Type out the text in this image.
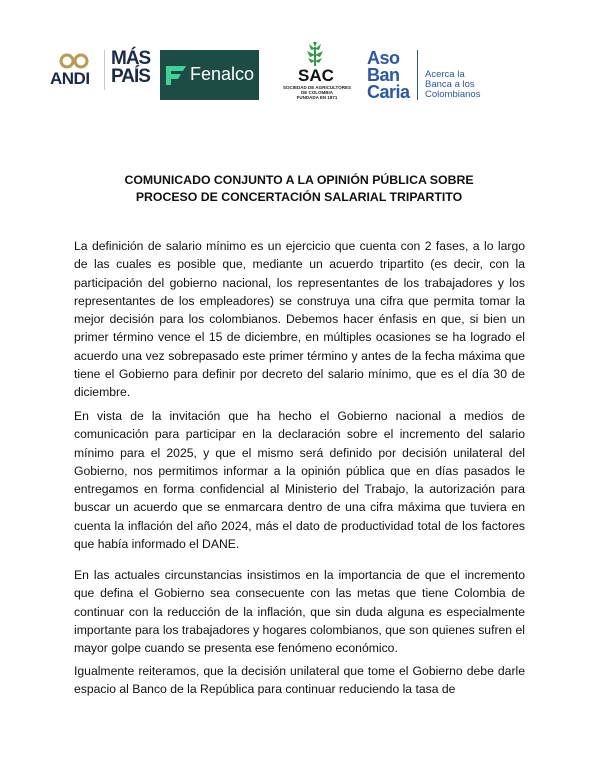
ANDI
MÁS
PAÍS	Fenalco	SAC
SOCIEDAD DE AGRICULTORES
DE COLOMBIA
FUNDADA EN 1871
Aso
Ban
Caria
Acerca la
Banca a los
Colombianos
COMUNICADO CONJUNTO A LA OPINIÓN PÚBLICA SOBRE
PROCESO DE CONCERTACIÓN SALARIAL TRIPARTITO

La definición de salario mínimo es un ejercicio que cuenta con 2 fases, a lo largo de las cuales es posible que, mediante un acuerdo tripartito (es decir, con la participación del gobierno nacional, los representantes de los trabajadores y los representantes de los empleadores) se construya una cifra que permita tomar la mejor decisión para los colombianos. Debemos hacer énfasis en que, si bien un primer término vence el 15 de diciembre, en múltiples ocasiones se ha logrado el acuerdo una vez sobrepasado este primer término y antes de la fecha máxima que tiene el Gobierno para definir por decreto del salario mínimo, que es el día 30 de diciembre.

En vista de la invitación que ha hecho el Gobierno nacional a medios de comunicación para participar en la declaración sobre el incremento del salario mínimo para el 2025, y que el mismo será definido por decisión unilateral del Gobierno, nos permitimos informar a la opinión pública que en días pasados le entregamos en forma confidencial al Ministerio del Trabajo, la autorización para buscar un acuerdo que se enmarcara dentro de una cifra máxima que tuviera en cuenta la inflación del año 2024, más el dato de productividad total de los factores que había informado el DANE.

En las actuales circunstancias insistimos en la importancia de que el incremento que defina el Gobierno sea consecuente con las metas que tiene Colombia de continuar con la reducción de la inflación, que sin duda alguna es especialmente importante para los trabajadores y hogares colombianos, que son quienes sufren el mayor golpe cuando se presenta ese fenómeno económico.

Igualmente reiteramos, que la decisión unilateral que tome el Gobierno debe darle espacio al Banco de la República para continuar reduciendo la tasa de
